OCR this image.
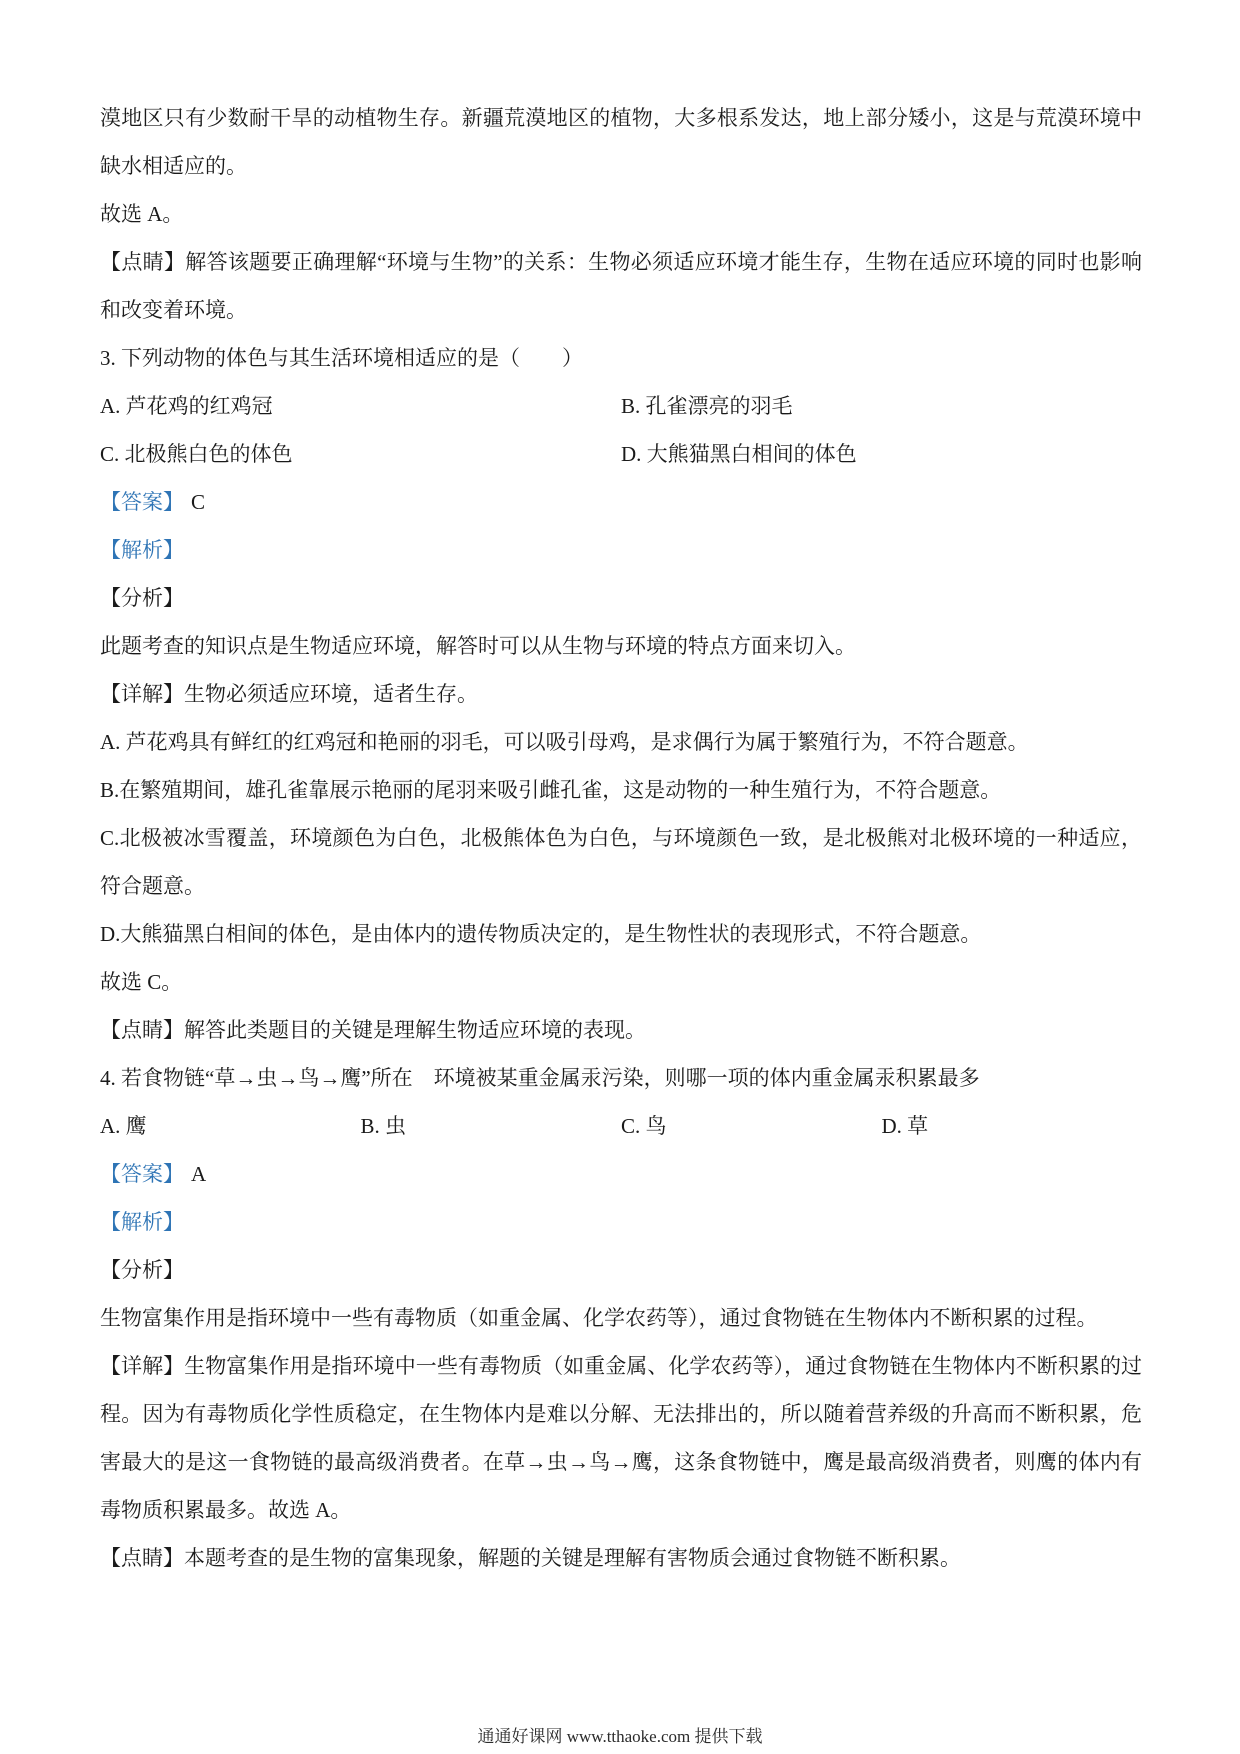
漠地区只有少数耐干旱的动植物生存。新疆荒漠地区的植物，大多根系发达，地上部分矮小，这是与荒漠环境中缺水相适应的。

故选 A。

【点睛】解答该题要正确理解“环境与生物”的关系：生物必须适应环境才能生存，生物在适应环境的同时也影响和改变着环境。

3. 下列动物的体色与其生活环境相适应的是（　　）

A. 芦花鸡的红鸡冠	B. 孔雀漂亮的羽毛
C. 北极熊白色的体色	D. 大熊猫黑白相间的体色

【答案】 C

【解析】

【分析】

此题考查的知识点是生物适应环境，解答时可以从生物与环境的特点方面来切入。

【详解】生物必须适应环境，适者生存。

A. 芦花鸡具有鲜红的红鸡冠和艳丽的羽毛，可以吸引母鸡，是求偶行为属于繁殖行为，不符合题意。

B.在繁殖期间，雄孔雀靠展示艳丽的尾羽来吸引雌孔雀，这是动物的一种生殖行为，不符合题意。

C.北极被冰雪覆盖，环境颜色为白色，北极熊体色为白色，与环境颜色一致，是北极熊对北极环境的一种适应，符合题意。

D.大熊猫黑白相间的体色，是由体内的遗传物质决定的，是生物性状的表现形式，不符合题意。

故选 C。

【点睛】解答此类题目的关键是理解生物适应环境的表现。

4. 若食物链“草→虫→鸟→鹰”所在　环境被某重金属汞污染，则哪一项的体内重金属汞积累最多

A. 鹰	B. 虫	C. 鸟	D. 草

【答案】 A

【解析】

【分析】

生物富集作用是指环境中一些有毒物质（如重金属、化学农药等），通过食物链在生物体内不断积累的过程。

【详解】生物富集作用是指环境中一些有毒物质（如重金属、化学农药等），通过食物链在生物体内不断积累的过程。因为有毒物质化学性质稳定，在生物体内是难以分解、无法排出的，所以随着营养级的升高而不断积累，危害最大的是这一食物链的最高级消费者。在草→虫→鸟→鹰，这条食物链中，鹰是最高级消费者，则鹰的体内有毒物质积累最多。故选 A。

【点睛】本题考查的是生物的富集现象，解题的关键是理解有害物质会通过食物链不断积累。

通通好课网 www.tthaoke.com 提供下载
